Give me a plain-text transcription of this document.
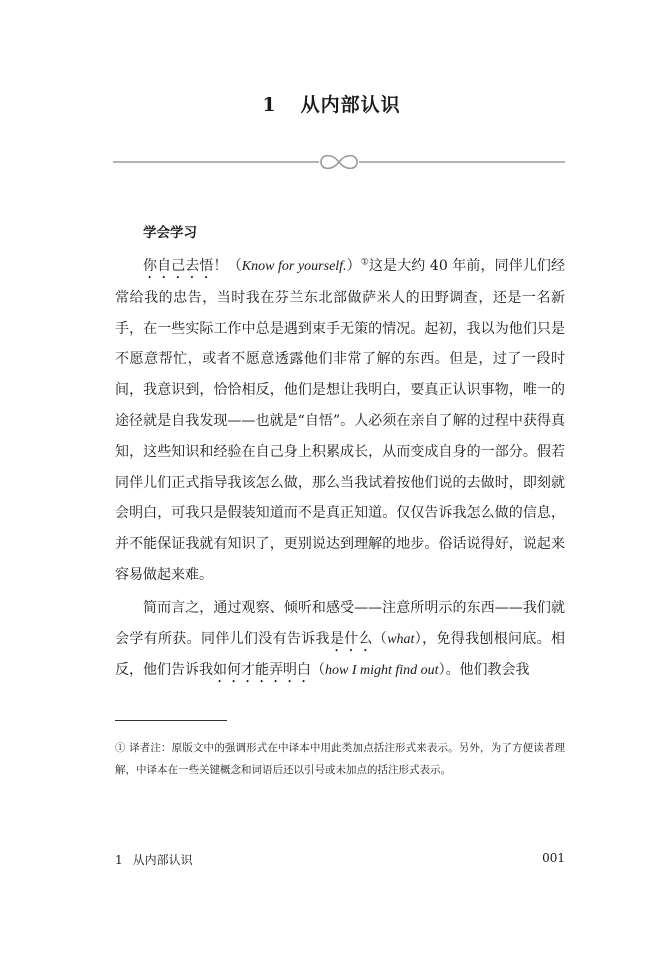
1 从内部认识
学会学习

你自己去悟！（Know for yourself.）①这是大约 40 年前，同伴儿们经常给我的忠告，当时我在芬兰东北部做萨米人的田野调查，还是一名新手，在一些实际工作中总是遇到束手无策的情况。起初，我以为他们只是不愿意帮忙，或者不愿意透露他们非常了解的东西。但是，过了一段时间，我意识到，恰恰相反，他们是想让我明白，要真正认识事物，唯一的途径就是自我发现——也就是“自悟”。人必须在亲自了解的过程中获得真知，这些知识和经验在自己身上积累成长，从而变成自身的一部分。假若同伴儿们正式指导我该怎么做，那么当我试着按他们说的去做时，即刻就会明白，可我只是假装知道而不是真正知道。仅仅告诉我怎么做的信息，并不能保证我就有知识了，更别说达到理解的地步。俗话说得好，说起来容易做起来难。

简而言之，通过观察、倾听和感受——注意所明示的东西——我们就会学有所获。同伴儿们没有告诉我是什么（what），免得我刨根问底。相反，他们告诉我如何才能弄明白（how I might find out）。他们教会我

① 译者注：原版文中的强调形式在中译本中用此类加点括注形式来表示。另外，为了方便读者理解，中译本在一些关键概念和词语后还以引号或未加点的括注形式表示。
1 从内部认识	001
